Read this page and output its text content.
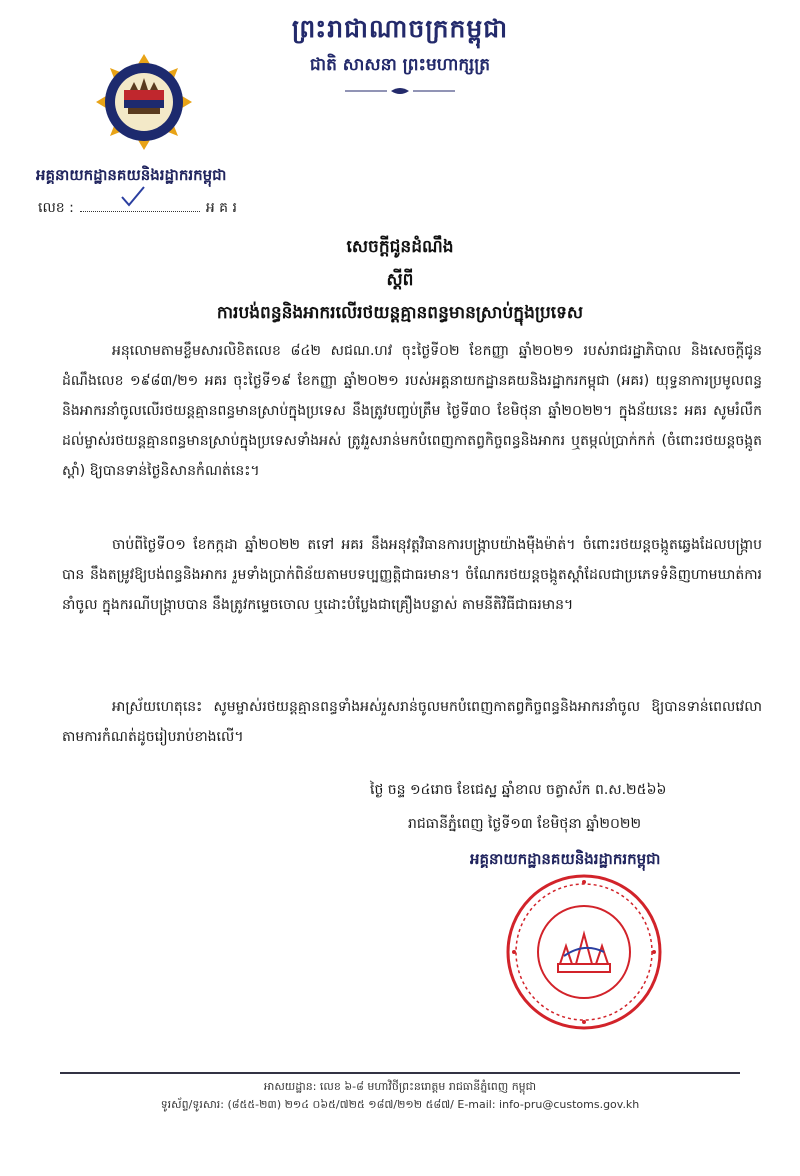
ព្រះរាជាណាចក្រកម្ពុជា
ជាតិ សាសនា ព្រះមហាក្សត្រ
អគ្គនាយកដ្ឋានគយនិងរដ្ឋាករកម្ពុជា
លេខ :	អ គ រ
សេចក្ដីជូនដំណឹង
ស្ដីពី
ការបង់ពន្ធនិងអាករលើរថយន្តគ្មានពន្ធមានស្រាប់ក្នុងប្រទេស

អនុលោមតាមខ្លឹមសារលិខិតលេខ ៨៤២ សជណ.ហវ ចុះថ្ងៃទី០២ ខែកញ្ញា ឆ្នាំ២០២១ របស់រាជរដ្ឋាភិបាល និងសេចក្ដីជូនដំណឹងលេខ ១៩៨៣/២១ អគរ ចុះថ្ងៃទី១៩ ខែកញ្ញា ឆ្នាំ២០២១ របស់អគ្គនាយកដ្ឋានគយនិងរដ្ឋាករកម្ពុជា (អគរ) យុទ្ធនាការប្រមូលពន្ធនិងអាករនាំចូលលើរថយន្តគ្មានពន្ធមានស្រាប់ក្នុងប្រទេស នឹងត្រូវបញ្ចប់ត្រឹម ថ្ងៃទី៣០ ខែមិថុនា ឆ្នាំ២០២២។ ក្នុងន័យនេះ អគរ សូមរំលឹកដល់ម្ចាស់រថយន្តគ្មានពន្ធមានស្រាប់ក្នុងប្រទេសទាំងអស់ ត្រូវរួសរាន់មកបំពេញកាតព្វកិច្ចពន្ធនិងអាករ ឬតម្កល់ប្រាក់កក់ (ចំពោះរថយន្តចង្កូតស្ដាំ) ឱ្យបានទាន់ថ្ងៃនិសានកំណត់នេះ។

ចាប់ពីថ្ងៃទី០១ ខែកក្កដា ឆ្នាំ២០២២ តទៅ អគរ នឹងអនុវត្តវិធានការបង្ក្រាបយ៉ាងម៉ឺងម៉ាត់។ ចំពោះរថយន្តចង្កូតឆ្វេងដែលបង្ក្រាបបាន នឹងតម្រូវឱ្យបង់ពន្ធនិងអាករ រួមទាំងប្រាក់ពិន័យតាមបទប្បញ្ញត្តិជាធរមាន។ ចំណែករថយន្តចង្កូតស្ដាំដែលជាប្រភេទទំនិញហាមឃាត់ការនាំចូល ក្នុងករណីបង្ក្រាបបាន នឹងត្រូវកម្ទេចចោល ឬដោះបំប្លែងជាគ្រឿងបន្លាស់ តាមនីតិវិធីជាធរមាន។

អាស្រ័យហេតុនេះ សូមម្ចាស់រថយន្តគ្មានពន្ធទាំងអស់រួសរាន់ចូលមកបំពេញកាតព្វកិច្ចពន្ធនិងអាករនាំចូល ឱ្យបានទាន់ពេលវេលាតាមការកំណត់ដូចរៀបរាប់ខាងលើ។

ថ្ងៃ ចន្ទ ១៤រោច ខែជេស្ឋ ឆ្នាំខាល ចត្វាស័ក ព.ស.២៥៦៦
រាជធានីភ្នំពេញ ថ្ងៃទី១៣ ខែមិថុនា ឆ្នាំ២០២២
អគ្គនាយកដ្ឋានគយនិងរដ្ឋាករកម្ពុជា
អាសយដ្ឋាន: លេខ ៦-៨ មហាវិថីព្រះនរោត្តម រាជធានីភ្នំពេញ កម្ពុជា
ទូរស័ព្ទ/ទូរសារ: (៨៥៥-២៣) ២១៤ ០៦៥/៧២៥ ១៨៧/២១២ ៥៨៧/ E-mail: info-pru@customs.gov.kh
